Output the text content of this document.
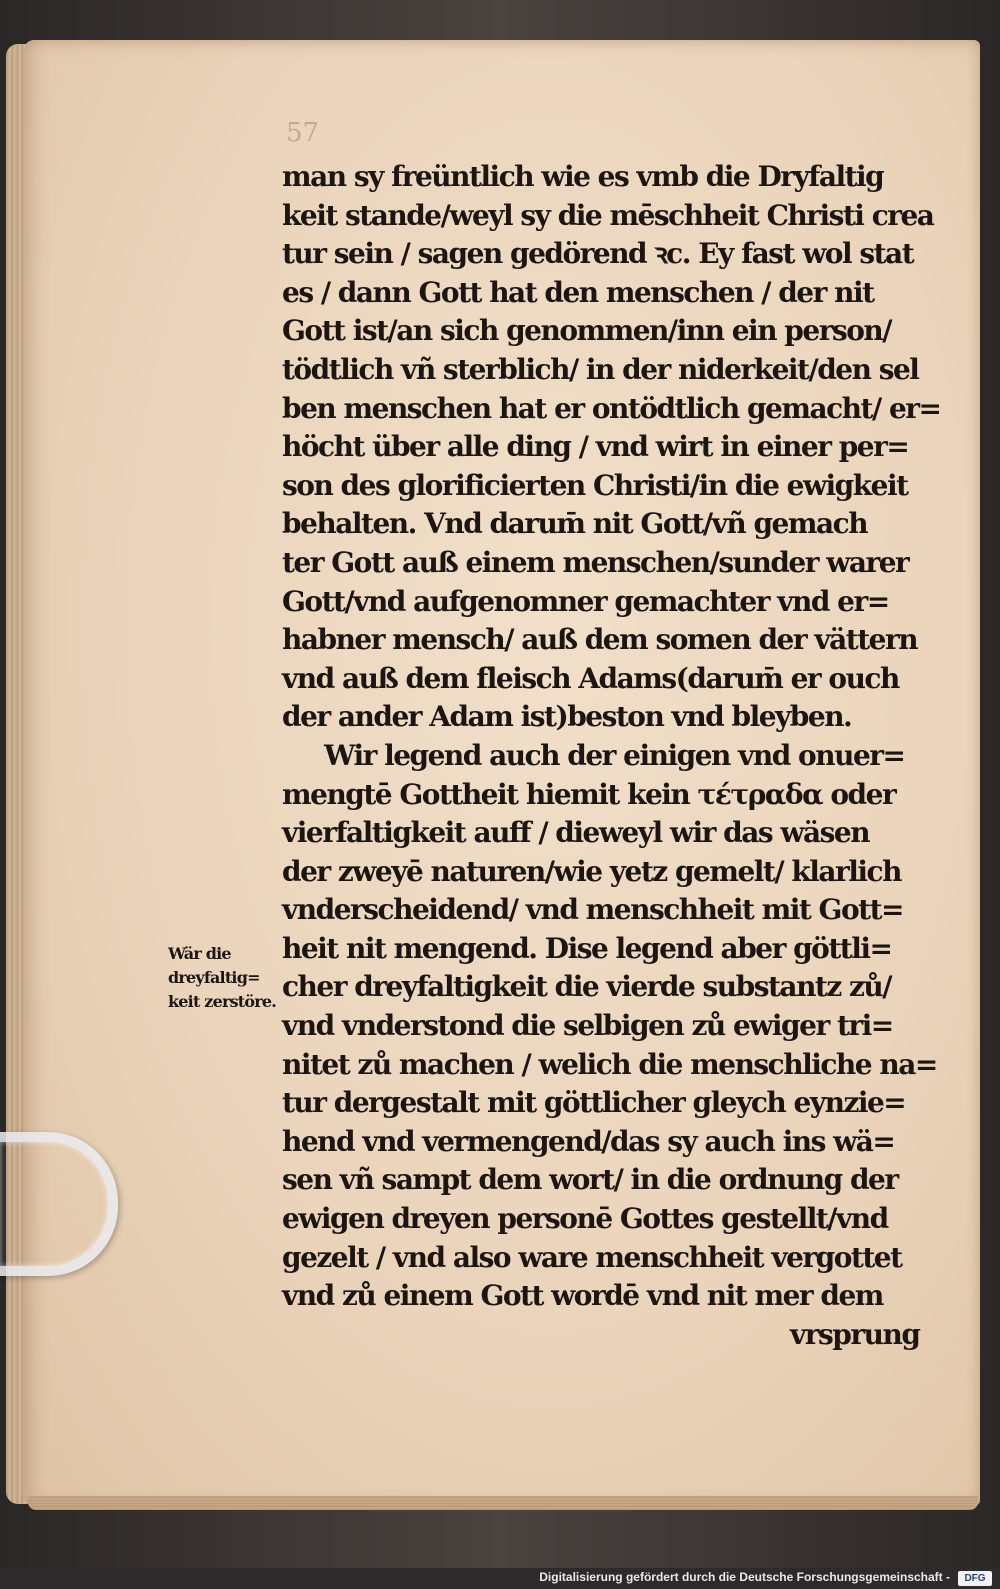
57
man sy freüntlich wie es vmb die Dryfaltig
keit stande/weyl sy die mēschheit Christi crea
tur sein / sagen gedörend ꝛc. Ey fast wol stat
es / dann Gott hat den menschen / der nit
Gott ist/an sich genommen/inn ein person/
tödtlich vñ sterblich/ in der niderkeit/den sel
ben menschen hat er ontödtlich gemacht/ er=
höcht über alle ding / vnd wirt in einer per=
son des glorificierten Christi/in die ewigkeit
behalten. Vnd darum̄ nit Gott/vñ gemach
ter Gott auß einem menschen/sunder warer
Gott/vnd aufgenomner gemachter vnd er=
habner mensch/ auß dem somen der vättern
vnd auß dem fleisch Adams(darum̄ er ouch
der ander Adam ist)beston vnd bleyben.
Wir legend auch der einigen vnd onuer=
mengtē Gottheit hiemit kein τέτραδα oder
vierfaltigkeit auff / dieweyl wir das wäsen
der zweyē naturen/wie yetz gemelt/ klarlich
vnderscheidend/ vnd menschheit mit Gott=
heit nit mengend. Dise legend aber göttli=
cher dreyfaltigkeit die vierde substantz zů/
vnd vnderstond die selbigen zů ewiger tri=
nitet zů machen / welich die menschliche na=
tur dergestalt mit göttlicher gleych eynzie=
hend vnd vermengend/das sy auch ins wä=
sen vñ sampt dem wort/ in die ordnung der
ewigen dreyen personē Gottes gestellt/vnd
gezelt / vnd also ware menschheit vergottet
vnd zů einem Gott wordē vnd nit mer dem
vrsprung
Wär die
dreyfaltig=
keit zerstöre.
Digitalisierung gefördert durch die Deutsche Forschungsgemeinschaft -	DFG
